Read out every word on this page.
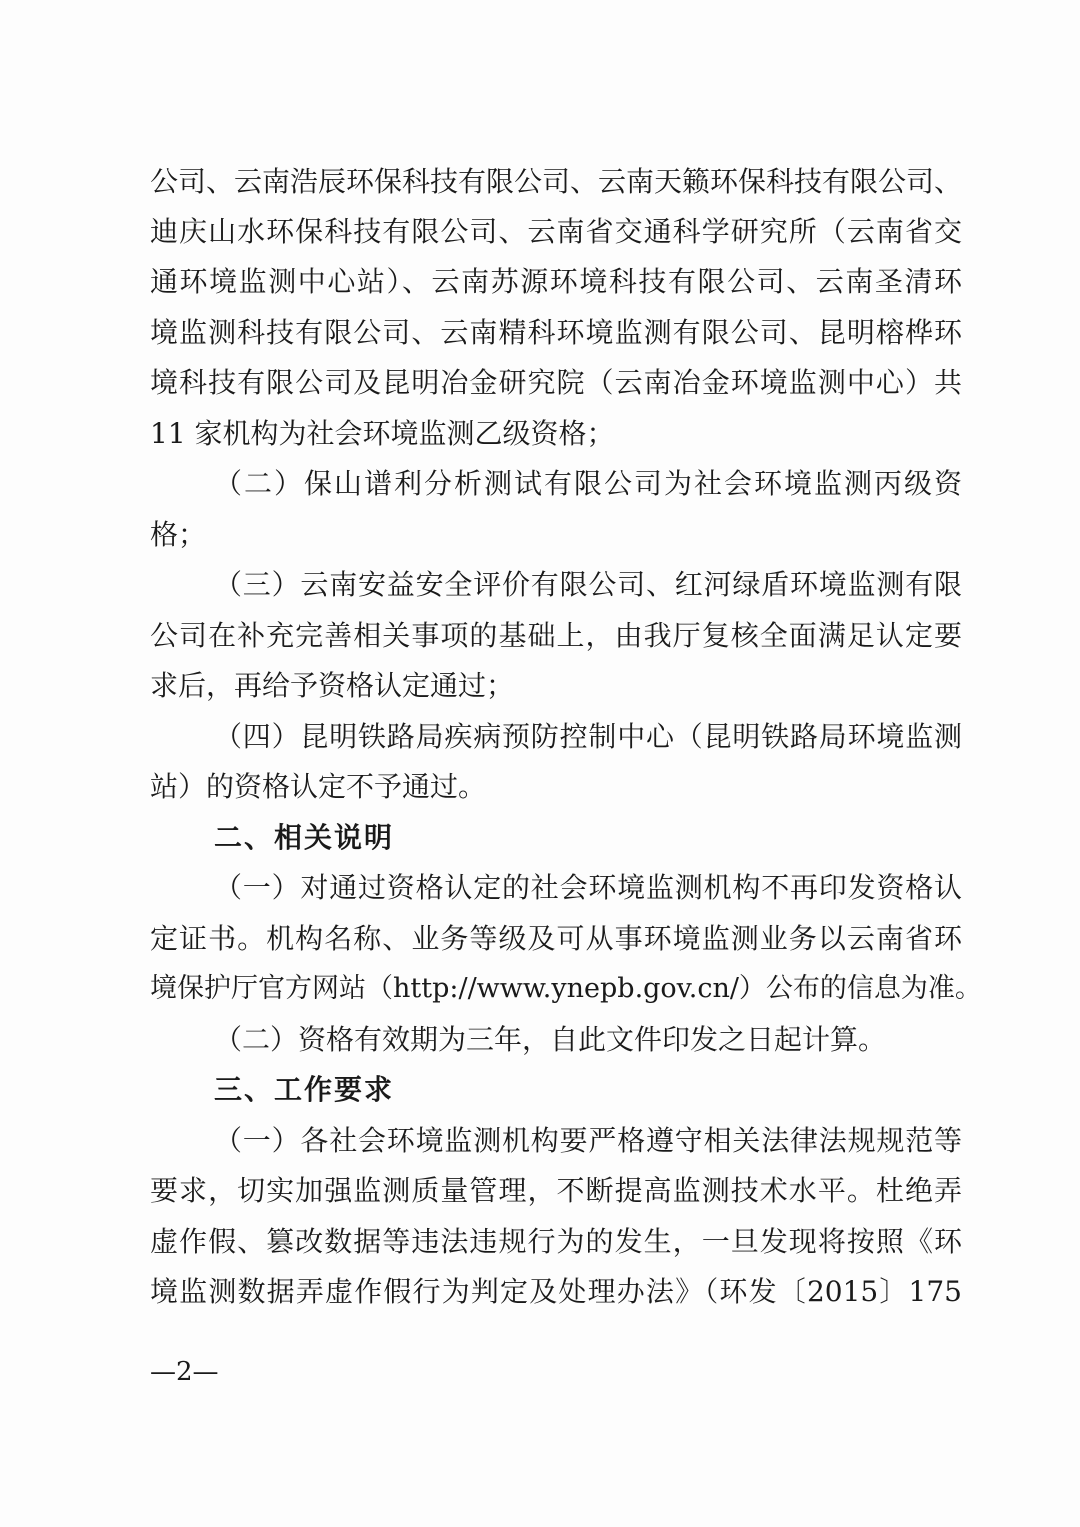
公司、云南浩辰环保科技有限公司、云南天籁环保科技有限公司、
迪庆山水环保科技有限公司、云南省交通科学研究所（云南省交
通环境监测中心站）、云南苏源环境科技有限公司、云南圣清环
境监测科技有限公司、云南精科环境监测有限公司、昆明榕桦环
境科技有限公司及昆明冶金研究院（云南冶金环境监测中心）共
11 家机构为社会环境监测乙级资格；
（二）保山谱利分析测试有限公司为社会环境监测丙级资
格；
（三）云南安益安全评价有限公司、红河绿盾环境监测有限
公司在补充完善相关事项的基础上，由我厅复核全面满足认定要
求后，再给予资格认定通过；
（四）昆明铁路局疾病预防控制中心（昆明铁路局环境监测
站）的资格认定不予通过。
二、相关说明
（一）对通过资格认定的社会环境监测机构不再印发资格认
定证书。机构名称、业务等级及可从事环境监测业务以云南省环
境保护厅官方网站（http://www.ynepb.gov.cn/）公布的信息为准。
（二）资格有效期为三年，自此文件印发之日起计算。
三、工作要求
（一）各社会环境监测机构要严格遵守相关法律法规规范等
要求，切实加强监测质量管理，不断提高监测技术水平。杜绝弄
虚作假、篡改数据等违法违规行为的发生，一旦发现将按照《环
境监测数据弄虚作假行为判定及处理办法》（环发〔2015〕175
—2—
